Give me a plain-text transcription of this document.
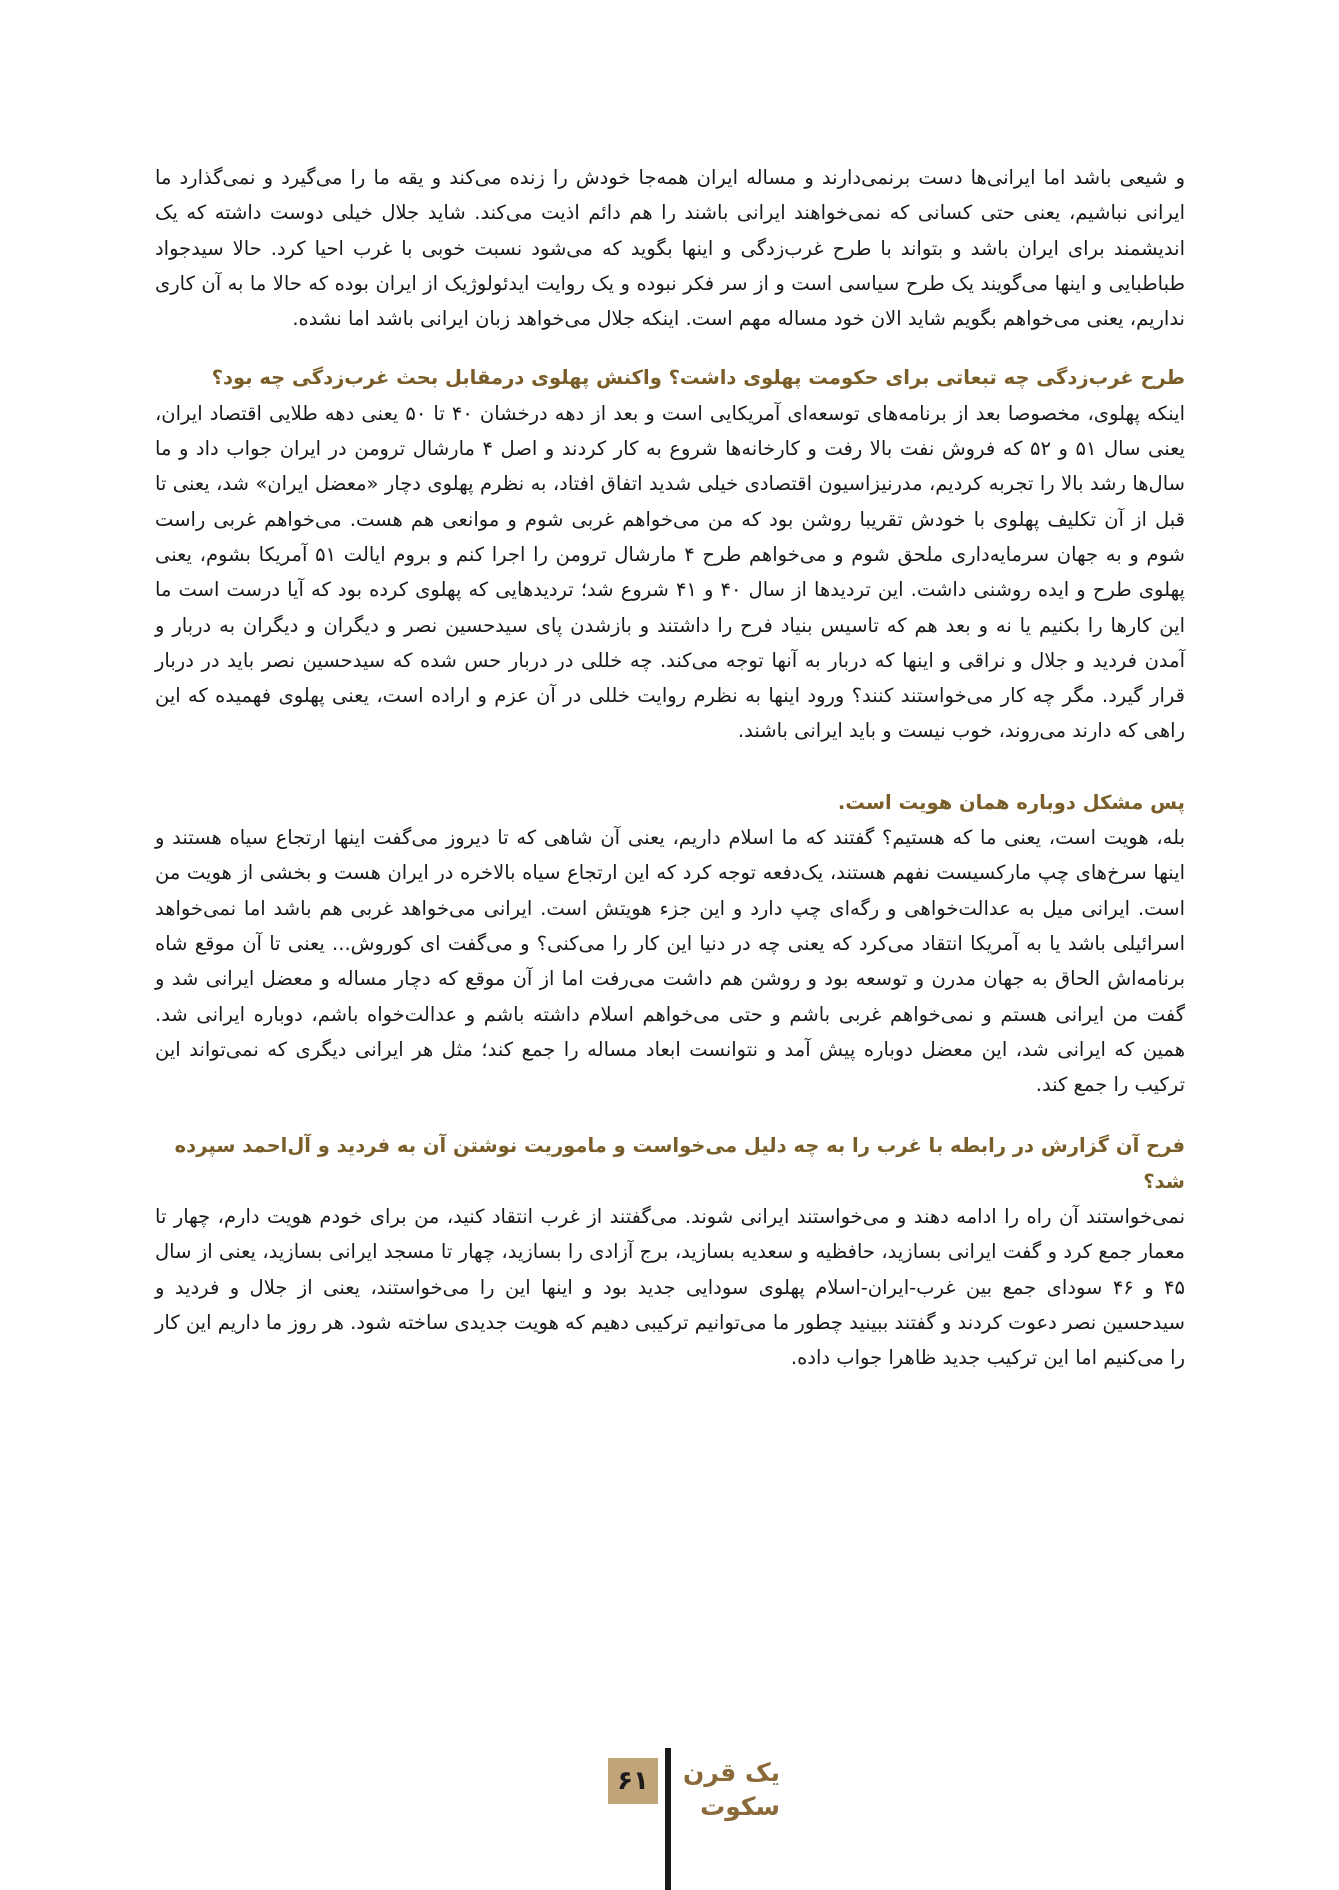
و شیعی باشد اما ایرانی‌ها دست برنمی‌دارند و مساله ایران همه‌جا خودش را زنده می‌کند و یقه ما را می‌گیرد و نمی‌گذارد ما ایرانی نباشیم، یعنی حتی کسانی که نمی‌خواهند ایرانی باشند را هم دائم اذیت می‌کند. شاید جلال خیلی دوست داشته که یک اندیشمند برای ایران باشد و بتواند با طرح غرب‌زدگی و اینها بگوید که می‌شود نسبت خوبی با غرب احیا کرد. حالا سیدجواد طباطبایی و اینها می‌گویند یک طرح سیاسی است و از سر فکر نبوده و یک روایت ایدئولوژیک از ایران بوده که حالا ما به آن کاری نداریم، یعنی می‌خواهم بگویم شاید الان خود مساله مهم است. اینکه جلال می‌خواهد زبان ایرانی باشد اما نشده.

طرح غرب‌زدگی چه تبعاتی برای حکومت پهلوی داشت؟ واکنش پهلوی درمقابل بحث غرب‌زدگی چه بود؟

اینکه پهلوی، مخصوصا بعد از برنامه‌های توسعه‌ای آمریکایی است و بعد از دهه درخشان ۴۰ تا ۵۰ یعنی دهه طلایی اقتصاد ایران، یعنی سال ۵۱ و ۵۲ که فروش نفت بالا رفت و کارخانه‌ها شروع به کار کردند و اصل ۴ مارشال ترومن در ایران جواب داد و ما سال‌ها رشد بالا را تجربه کردیم، مدرنیزاسیون اقتصادی خیلی شدید اتفاق افتاد، به نظرم پهلوی دچار «معضل ایران» شد، یعنی تا قبل از آن تکلیف پهلوی با خودش تقریبا روشن بود که من می‌خواهم غربی شوم و موانعی هم هست. می‌خواهم غربی راست شوم و به جهان سرمایه‌داری ملحق شوم و می‌خواهم طرح ۴ مارشال ترومن را اجرا کنم و بروم ایالت ۵۱ آمریکا بشوم، یعنی پهلوی طرح و ایده روشنی داشت. این تردیدها از سال ۴۰ و ۴۱ شروع شد؛ تردیدهایی که پهلوی کرده بود که آیا درست است ما این کارها را بکنیم یا نه و بعد هم که تاسیس بنیاد فرح را داشتند و بازشدن پای سیدحسین نصر و دیگران و دیگران به دربار و آمدن فردید و جلال و نراقی و اینها که دربار به آنها توجه می‌کند. چه خللی در دربار حس شده که سیدحسین نصر باید در دربار قرار گیرد. مگر چه کار می‌خواستند کنند؟ ورود اینها به نظرم روایت خللی در آن عزم و اراده است، یعنی پهلوی فهمیده که این راهی که دارند می‌روند، خوب نیست و باید ایرانی باشند.

پس مشکل دوباره همان هویت است.

بله، هویت است، یعنی ما که هستیم؟ گفتند که ما اسلام داریم، یعنی آن شاهی که تا دیروز می‌گفت اینها ارتجاع سیاه هستند و اینها سرخ‌های چپ مارکسیست نفهم هستند، یک‌دفعه توجه کرد که این ارتجاع سیاه بالاخره در ایران هست و بخشی از هویت من است. ایرانی میل به عدالت‌خواهی و رگه‌ای چپ دارد و این جزء هویتش است. ایرانی می‌خواهد غربی هم باشد اما نمی‌خواهد اسرائیلی باشد یا به آمریکا انتقاد می‌کرد که یعنی چه در دنیا این کار را می‌کنی؟ و می‌گفت ای کوروش... یعنی تا آن موقع شاه برنامه‌اش الحاق به جهان مدرن و توسعه بود و روشن هم داشت می‌رفت اما از آن موقع که دچار مساله و معضل ایرانی شد و گفت من ایرانی هستم و نمی‌خواهم غربی باشم و حتی می‌خواهم اسلام داشته باشم و عدالت‌خواه باشم، دوباره ایرانی شد. همین که ایرانی شد، این معضل دوباره پیش آمد و نتوانست ابعاد مساله را جمع کند؛ مثل هر ایرانی دیگری که نمی‌تواند این ترکیب را جمع کند.

فرح آن گزارش در رابطه با غرب را به چه دلیل می‌خواست و ماموریت نوشتن آن به فردید و آل‌احمد سپرده شد؟

نمی‌خواستند آن راه را ادامه دهند و می‌خواستند ایرانی شوند. می‌گفتند از غرب انتقاد کنید، من برای خودم هویت دارم، چهار تا معمار جمع کرد و گفت ایرانی بسازید، حافظیه و سعدیه بسازید، برج آزادی را بسازید، چهار تا مسجد ایرانی بسازید، یعنی از سال ۴۵ و ۴۶ سودای جمع بین غرب-ایران-اسلام پهلوی سودایی جدید بود و اینها این را می‌خواستند، یعنی از جلال و فردید و سیدحسین نصر دعوت کردند و گفتند ببینید چطور ما می‌توانیم ترکیبی دهیم که هویت جدیدی ساخته شود. هر روز ما داریم این کار را می‌کنیم اما این ترکیب جدید ظاهرا جواب داده.

۶۱	یک قرن
سکوت
